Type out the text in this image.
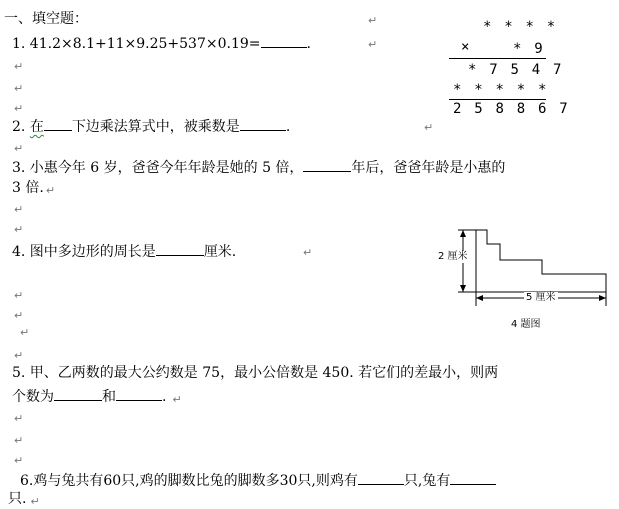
一、填空题：	↵
1. 41.2×8.1+11×9.25+537×0.19=	.	↵
↵
↵
↵
* * * *
×	* 9
* 7 5 4 7
* * * * *
2 5 8 8 6 7
2. 在 下边乘法算式中，被乘数是	.	↵
↵
3. 小惠今年 6 岁，爸爸今年年龄是她的 5 倍，	年后，爸爸年龄是小惠的
3 倍. ↵
↵
↵
4. 图中多边形的周长是	厘米.	↵
↵
↵
↵
2 厘米
5 厘米
4 题图
↵
5. 甲、乙两数的最大公约数是 75，最小公倍数是 450. 若它们的差最小，则两
个数为	和	. ↵
↵
↵
↵
6.鸡与兔共有60只,鸡的脚数比兔的脚数多30只,则鸡有	只,兔有
只. ↵
